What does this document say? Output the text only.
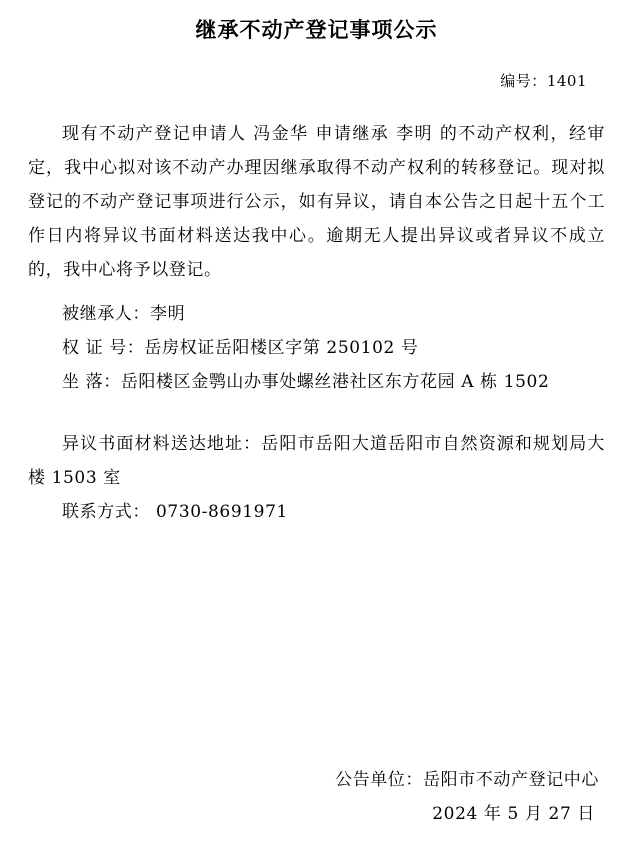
继承不动产登记事项公示
编号：1401

现有不动产登记申请人 冯金华 申请继承 李明 的不动产权利，经审定，我中心拟对该不动产办理因继承取得不动产权利的转移登记。现对拟登记的不动产登记事项进行公示，如有异议，请自本公告之日起十五个工作日内将异议书面材料送达我中心。逾期无人提出异议或者异议不成立的，我中心将予以登记。

被继承人：李明

权 证 号：岳房权证岳阳楼区字第 250102 号

坐 落：岳阳楼区金鹗山办事处螺丝港社区东方花园 A 栋 1502

异议书面材料送达地址：岳阳市岳阳大道岳阳市自然资源和规划局大楼 1503 室

联系方式： 0730-8691971

公告单位：岳阳市不动产登记中心

2024 年 5 月 27 日
